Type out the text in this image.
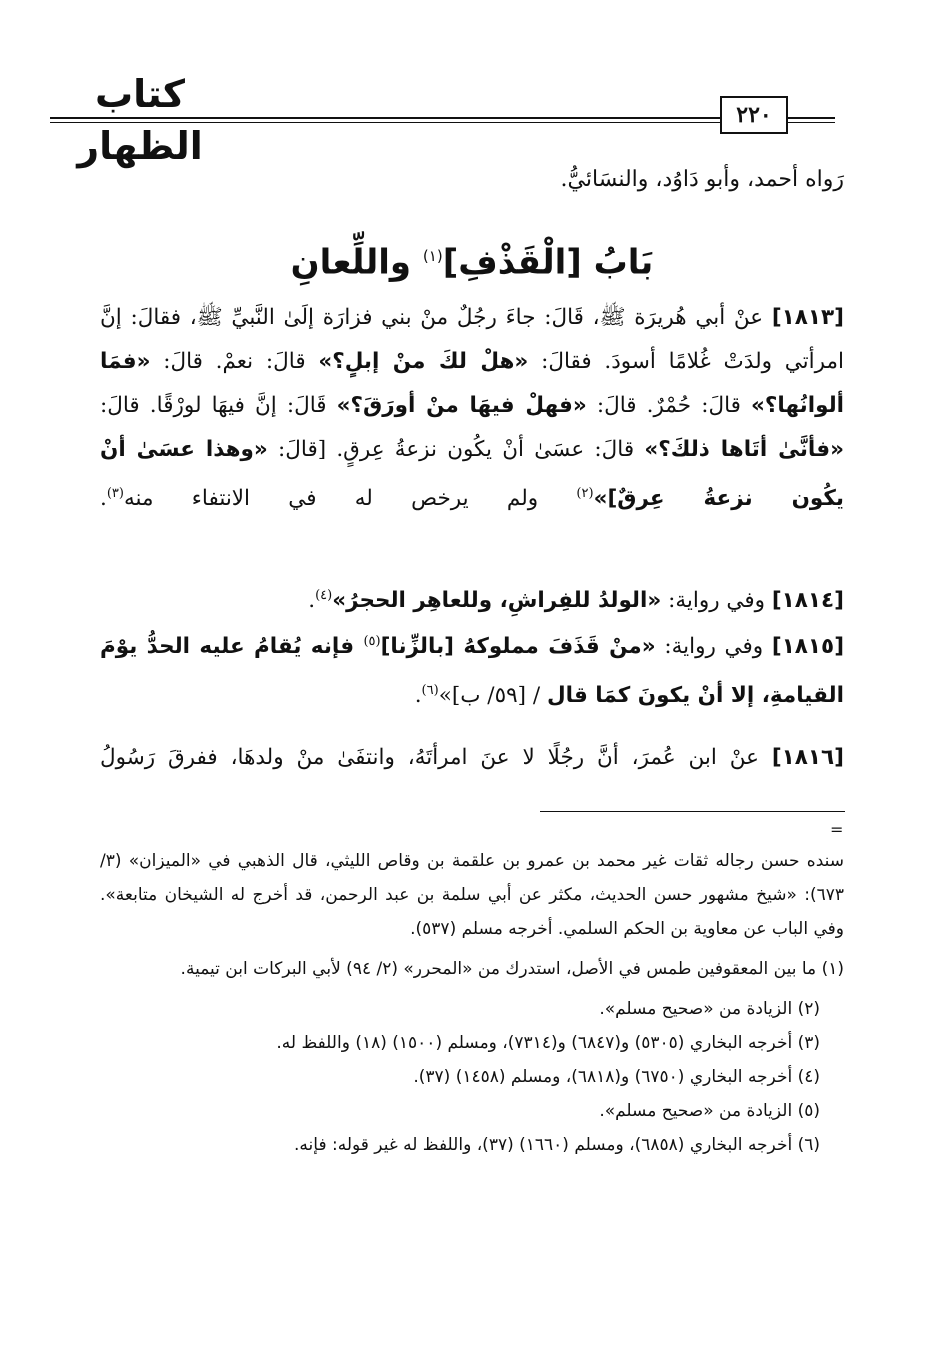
كتاب الظهار
٢٢٠
رَواه أحمد، وأبو دَاوُد، والنسَائيُّ.
بَابُ [الْقَذْفِ]$^{(١)}$ واللِّعانِ
[١٨١٣] عنْ أبي هُريرَة ﷺ، قَالَ: جاءَ رجُلٌ منْ بني فزارَة إلَىٰ النَّبيِّ ﷺ، فقالَ: إنَّ امرأتي ولدَتْ غُلامًا أسودَ. فقالَ: «هلْ لكَ منْ إبلٍ؟» قالَ: نعمْ. قالَ: «فمَا ألوانُها؟» قالَ: حُمْرٌ. قالَ: «فهلْ فيهَا منْ أورَقَ؟» قَالَ: إنَّ فيهَا لورْقًا. قالَ: «فأنَّىٰ أتَاها ذلكَ؟» قالَ: عسَىٰ أنْ يكُون نزعةُ عِرقٍ. [قالَ: «وهذا عسَىٰ أنْ يكُون نزعةُ عِرقٌ]»$^{(٢)}$ ولم يرخص له في الانتفاء منه$^{(٣)}$.
[١٨١٤] وفي رواية: «الولدُ للفِراشِ، وللعاهِر الحجرُ»$^{(٤)}$.
[١٨١٥] وفي رواية: «منْ قَذَفَ مملوكهُ [بالزِّنا]$^{(٥)}$ فإنه يُقامُ عليه الحدُّ يوْمَ القيامةِ، إلا أنْ يكونَ كمَا قال / [٥٩/ ب]»$^{(٦)}$.
[١٨١٦] عنْ ابن عُمرَ، أنَّ رجُلًا لا عنَ امرأتَهُ، وانتفَىٰ منْ ولدهَا، ففرقَ رَسُولُ
=

سنده حسن رجاله ثقات غير محمد بن عمرو بن علقمة بن وقاص الليثي، قال الذهبي في «الميزان» (٣/ ٦٧٣): «شيخ مشهور حسن الحديث، مكثر عن أبي سلمة بن عبد الرحمن، قد أخرج له الشيخان متابعة». وفي الباب عن معاوية بن الحكم السلمي. أخرجه مسلم (٥٣٧).

(١) ما بين المعقوفين طمس في الأصل، استدرك من «المحرر» (٢/ ٩٤) لأبي البركات ابن تيمية.

(٢) الزيادة من «صحيح مسلم».

(٣) أخرجه البخاري (٥٣٠٥) و(٦٨٤٧) و(٧٣١٤)، ومسلم (١٥٠٠) (١٨) واللفظ له.

(٤) أخرجه البخاري (٦٧٥٠) و(٦٨١٨)، ومسلم (١٤٥٨) (٣٧).

(٥) الزيادة من «صحيح مسلم».

(٦) أخرجه البخاري (٦٨٥٨)، ومسلم (١٦٦٠) (٣٧)، واللفظ له غير قوله: فإنه.
